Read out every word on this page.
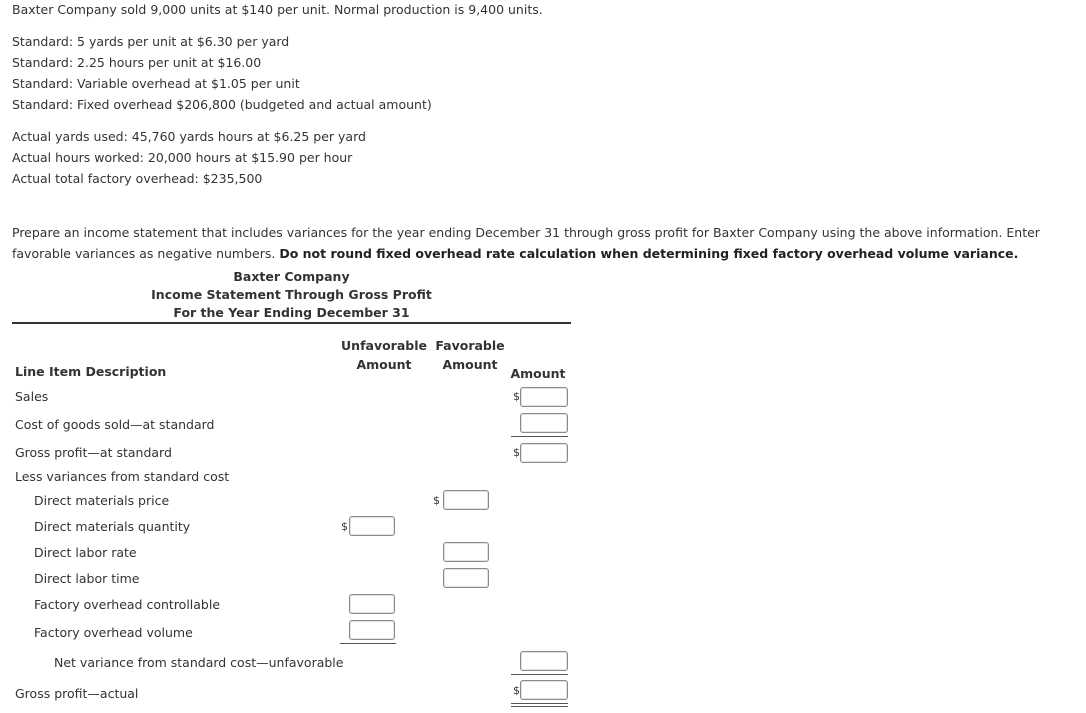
Baxter Company sold 9,000 units at $140 per unit. Normal production is 9,400 units.
Standard: 5 yards per unit at $6.30 per yard
Standard: 2.25 hours per unit at $16.00
Standard: Variable overhead at $1.05 per unit
Standard: Fixed overhead $206,800 (budgeted and actual amount)
Actual yards used: 45,760 yards hours at $6.25 per yard
Actual hours worked: 20,000 hours at $15.90 per hour
Actual total factory overhead: $235,500
Prepare an income statement that includes variances for the year ending December 31 through gross profit for Baxter Company using the above information. Enter favorable variances as negative numbers. Do not round fixed overhead rate calculation when determining fixed factory overhead volume variance.
Baxter Company
Income Statement Through Gross Profit
For the Year Ending December 31
Unfavorable
Amount
Favorable
Amount
Amount
Line Item Description
Sales
Cost of goods sold—at standard
Gross profit—at standard
Less variances from standard cost
Direct materials price
Direct materials quantity
Direct labor rate
Direct labor time
Factory overhead controllable
Factory overhead volume
Net variance from standard cost—unfavorable
Gross profit—actual
$
$
$
$
$
